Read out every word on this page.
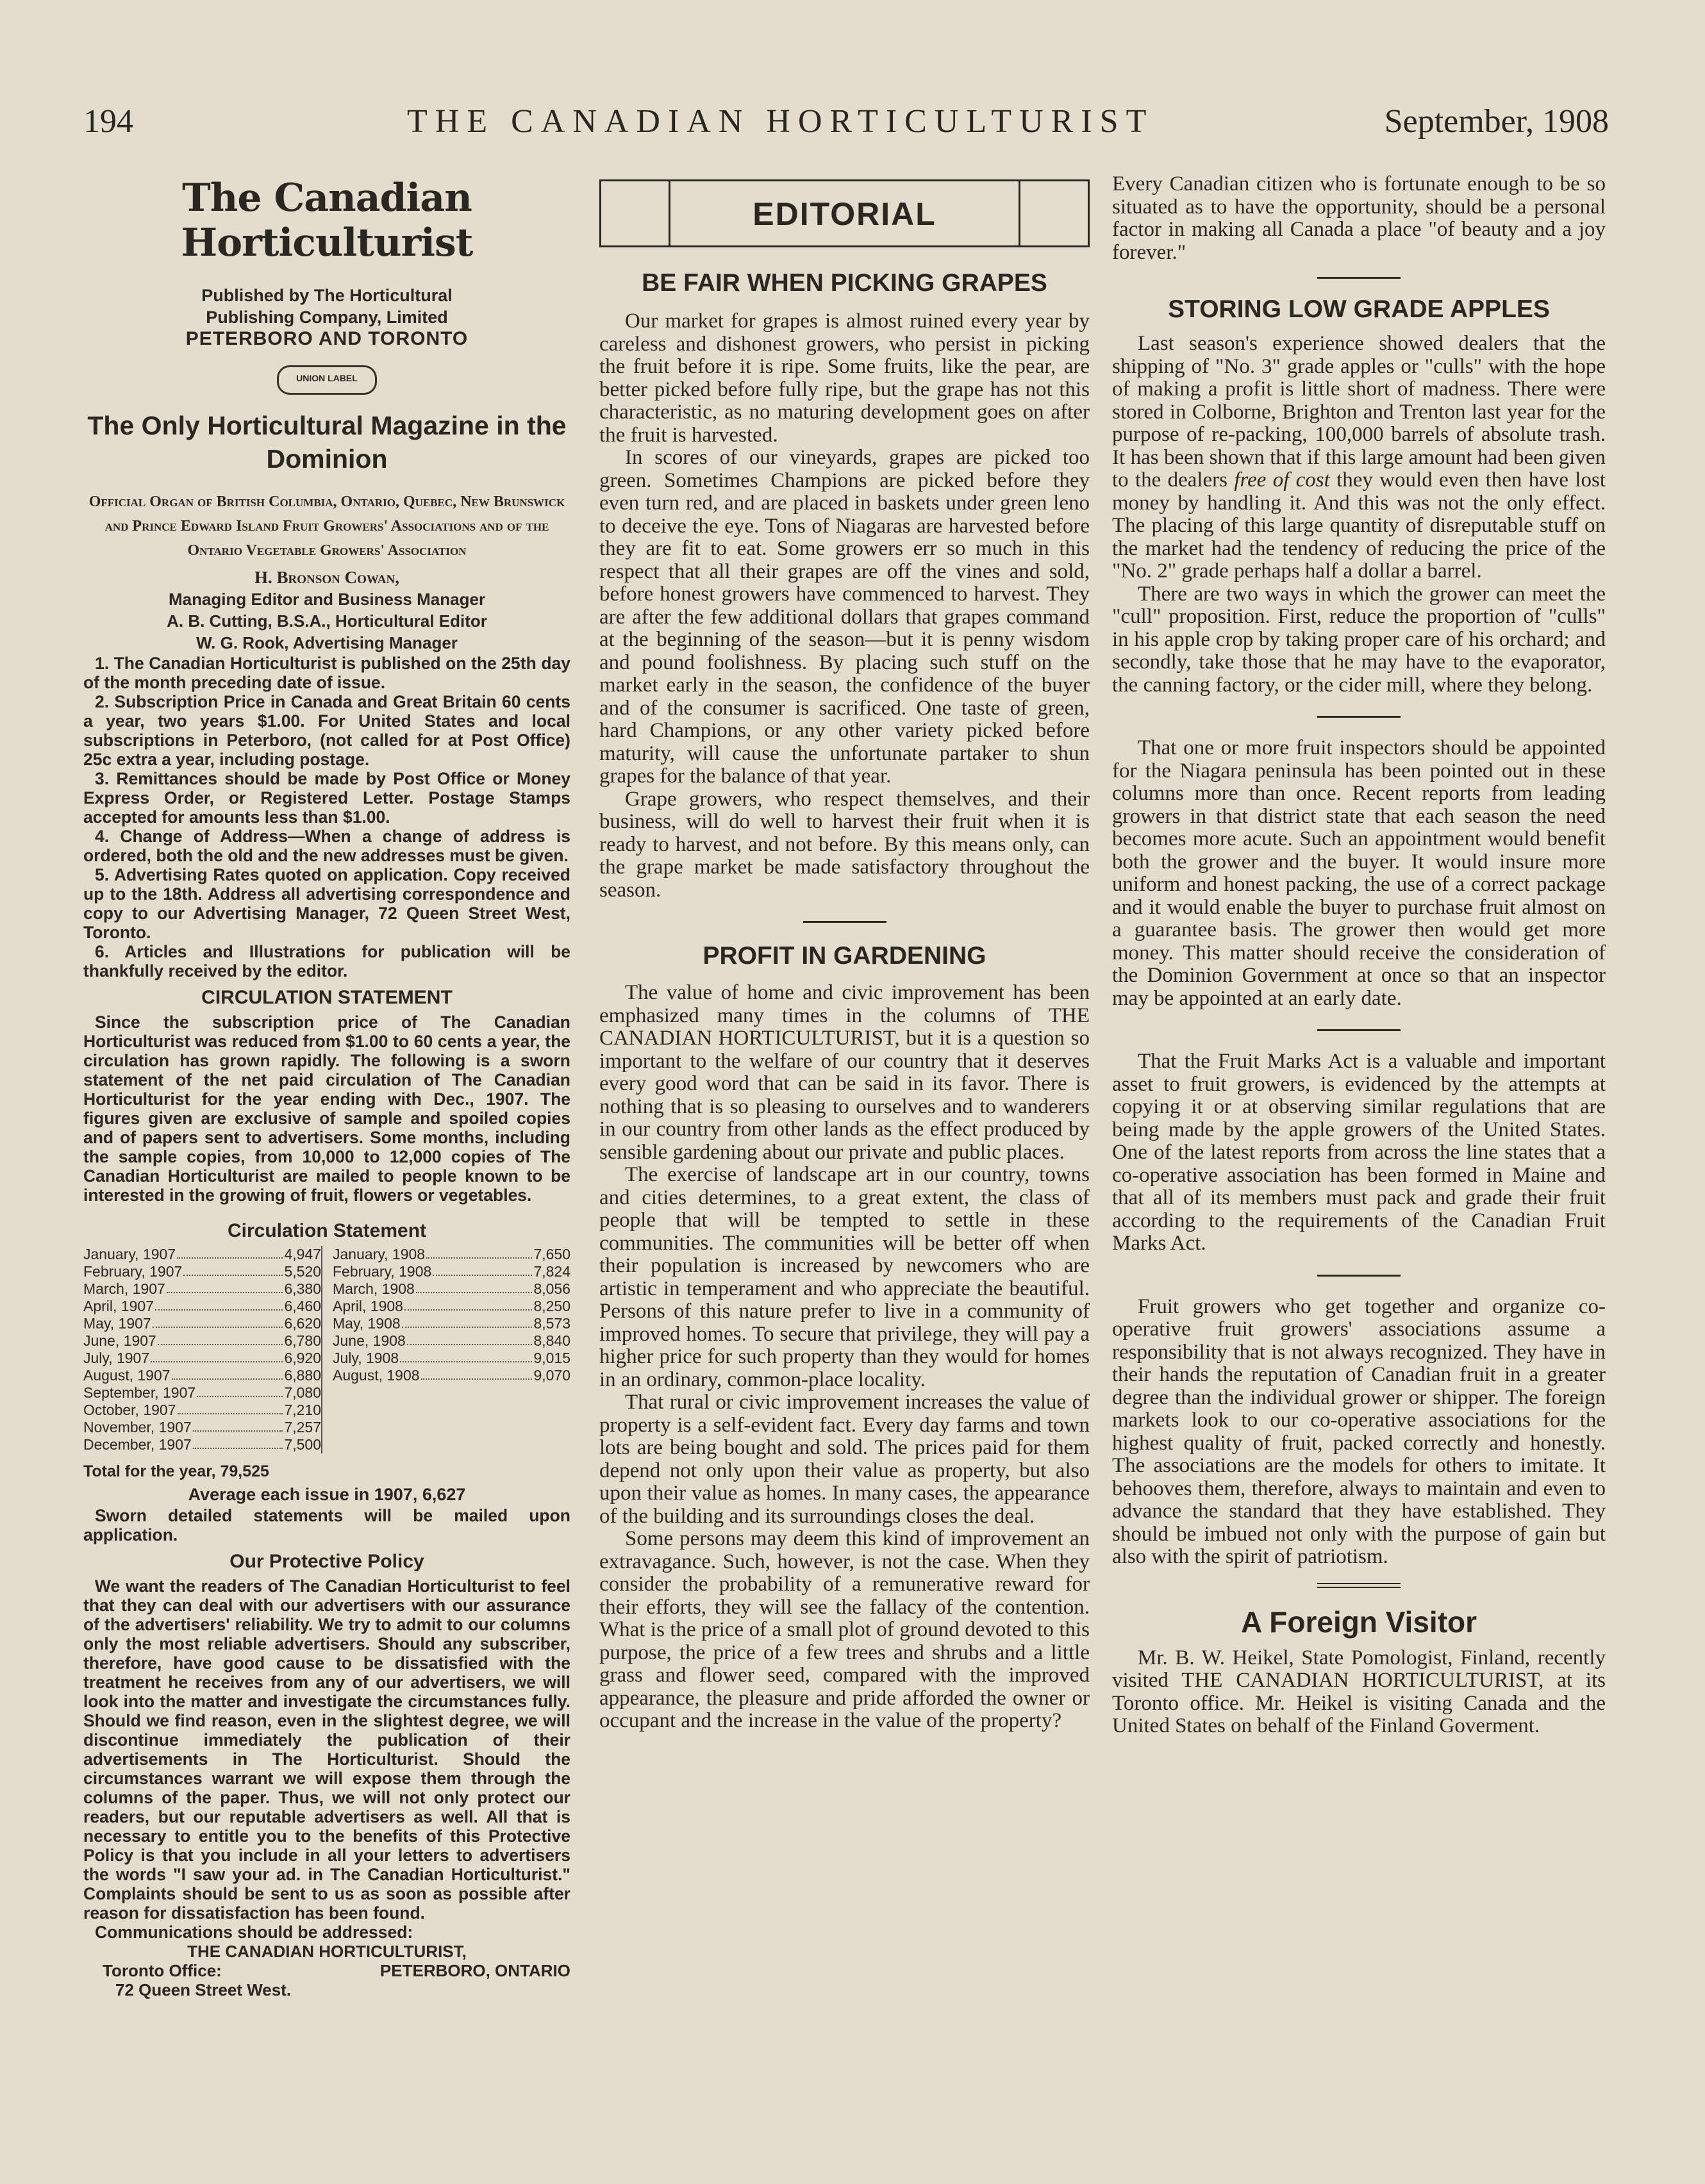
194	THE CANADIAN HORTICULTURIST	September, 1908
The Canadian Horticulturist
Published by The Horticultural
Publishing Company, Limited
PETERBORO AND TORONTO
UNION LABEL
The Only Horticultural Magazine in the Dominion
Official Organ of British Columbia, Ontario, Quebec, New Brunswick and Prince Edward Island Fruit Growers' Associations and of the Ontario Vegetable Growers' Association
H. Bronson Cowan,
Managing Editor and Business Manager
A. B. Cutting, B.S.A., Horticultural Editor
W. G. Rook, Advertising Manager

1. The Canadian Horticulturist is published on the 25th day of the month preceding date of issue.

2. Subscription Price in Canada and Great Britain 60 cents a year, two years $1.00. For United States and local subscriptions in Peterboro, (not called for at Post Office) 25c extra a year, including postage.

3. Remittances should be made by Post Office or Money Express Order, or Registered Letter. Postage Stamps accepted for amounts less than $1.00.

4. Change of Address—When a change of address is ordered, both the old and the new addresses must be given.

5. Advertising Rates quoted on application. Copy received up to the 18th. Address all advertising correspondence and copy to our Advertising Manager, 72 Queen Street West, Toronto.

6. Articles and Illustrations for publication will be thankfully received by the editor.

CIRCULATION STATEMENT

Since the subscription price of The Canadian Horticulturist was reduced from $1.00 to 60 cents a year, the circulation has grown rapidly. The following is a sworn statement of the net paid circulation of The Canadian Horticulturist for the year ending with Dec., 1907. The figures given are exclusive of sample and spoiled copies and of papers sent to advertisers. Some months, including the sample copies, from 10,000 to 12,000 copies of The Canadian Horticulturist are mailed to people known to be interested in the growing of fruit, flowers or vegetables.

Circulation Statement
January, 1907	4,947
February, 1907	5,520
March, 1907	6,380
April, 1907	6,460
May, 1907	6,620
June, 1907	6,780
July, 1907	6,920
August, 1907	6,880
September, 1907	7,080
October, 1907	7,210
November, 1907	7,257
December, 1907	7,500
January, 1908	7,650
February, 1908	7,824
March, 1908	8,056
April, 1908	8,250
May, 1908	8,573
June, 1908	8,840
July, 1908	9,015
August, 1908	9,070
Total for the year, 79,525
Average each issue in 1907, 6,627

Sworn detailed statements will be mailed upon application.

Our Protective Policy

We want the readers of The Canadian Horticulturist to feel that they can deal with our advertisers with our assurance of the advertisers' reliability. We try to admit to our columns only the most reliable advertisers. Should any subscriber, therefore, have good cause to be dissatisfied with the treatment he receives from any of our advertisers, we will look into the matter and investigate the circumstances fully. Should we find reason, even in the slightest degree, we will discontinue immediately the publication of their advertisements in The Horticulturist. Should the circumstances warrant we will expose them through the columns of the paper. Thus, we will not only protect our readers, but our reputable advertisers as well. All that is necessary to entitle you to the benefits of this Protective Policy is that you include in all your letters to advertisers the words "I saw your ad. in The Canadian Horticulturist." Complaints should be sent to us as soon as possible after reason for dissatisfaction has been found.

Communications should be addressed:

THE CANADIAN HORTICULTURIST,
Toronto Office:	PETERBORO, ONTARIO
72 Queen Street West.
EDITORIAL
BE FAIR WHEN PICKING GRAPES

Our market for grapes is almost ruined every year by careless and dishonest growers, who persist in picking the fruit before it is ripe. Some fruits, like the pear, are better picked before fully ripe, but the grape has not this characteristic, as no maturing development goes on after the fruit is harvested.

In scores of our vineyards, grapes are picked too green. Sometimes Champions are picked before they even turn red, and are placed in baskets under green leno to deceive the eye. Tons of Niagaras are harvested before they are fit to eat. Some growers err so much in this respect that all their grapes are off the vines and sold, before honest growers have commenced to harvest. They are after the few additional dollars that grapes command at the beginning of the season—but it is penny wisdom and pound foolishness. By placing such stuff on the market early in the season, the confidence of the buyer and of the consumer is sacrificed. One taste of green, hard Champions, or any other variety picked before maturity, will cause the unfortunate partaker to shun grapes for the balance of that year.

Grape growers, who respect themselves, and their business, will do well to harvest their fruit when it is ready to harvest, and not before. By this means only, can the grape market be made satisfactory throughout the season.

PROFIT IN GARDENING

The value of home and civic improvement has been emphasized many times in the columns of THE CANADIAN HORTICULTURIST, but it is a question so important to the welfare of our country that it deserves every good word that can be said in its favor. There is nothing that is so pleasing to ourselves and to wanderers in our country from other lands as the effect produced by sensible gardening about our private and public places.

The exercise of landscape art in our country, towns and cities determines, to a great extent, the class of people that will be tempted to settle in these communities. The communities will be better off when their population is increased by newcomers who are artistic in temperament and who appreciate the beautiful. Persons of this nature prefer to live in a community of improved homes. To secure that privilege, they will pay a higher price for such property than they would for homes in an ordinary, common-place locality.

That rural or civic improvement increases the value of property is a self-evident fact. Every day farms and town lots are being bought and sold. The prices paid for them depend not only upon their value as property, but also upon their value as homes. In many cases, the appearance of the building and its surroundings closes the deal.

Some persons may deem this kind of improvement an extravagance. Such, however, is not the case. When they consider the probability of a remunerative reward for their efforts, they will see the fallacy of the contention. What is the price of a small plot of ground devoted to this purpose, the price of a few trees and shrubs and a little grass and flower seed, compared with the improved appearance, the pleasure and pride afforded the owner or occupant and the increase in the value of the property?

Every Canadian citizen who is fortunate enough to be so situated as to have the opportunity, should be a personal factor in making all Canada a place "of beauty and a joy forever."

STORING LOW GRADE APPLES

Last season's experience showed dealers that the shipping of "No. 3" grade apples or "culls" with the hope of making a profit is little short of madness. There were stored in Colborne, Brighton and Trenton last year for the purpose of re-packing, 100,000 barrels of absolute trash. It has been shown that if this large amount had been given to the dealers free of cost they would even then have lost money by handling it. And this was not the only effect. The placing of this large quantity of disreputable stuff on the market had the tendency of reducing the price of the "No. 2" grade perhaps half a dollar a barrel.

There are two ways in which the grower can meet the "cull" proposition. First, reduce the proportion of "culls" in his apple crop by taking proper care of his orchard; and secondly, take those that he may have to the evaporator, the canning factory, or the cider mill, where they belong.

That one or more fruit inspectors should be appointed for the Niagara peninsula has been pointed out in these columns more than once. Recent reports from leading growers in that district state that each season the need becomes more acute. Such an appointment would benefit both the grower and the buyer. It would insure more uniform and honest packing, the use of a correct package and it would enable the buyer to purchase fruit almost on a guarantee basis. The grower then would get more money. This matter should receive the consideration of the Dominion Government at once so that an inspector may be appointed at an early date.

That the Fruit Marks Act is a valuable and important asset to fruit growers, is evidenced by the attempts at copying it or at observing similar regulations that are being made by the apple growers of the United States. One of the latest reports from across the line states that a co-operative association has been formed in Maine and that all of its members must pack and grade their fruit according to the requirements of the Canadian Fruit Marks Act.

Fruit growers who get together and organize co-operative fruit growers' associations assume a responsibility that is not always recognized. They have in their hands the reputation of Canadian fruit in a greater degree than the individual grower or shipper. The foreign markets look to our co-operative associations for the highest quality of fruit, packed correctly and honestly. The associations are the models for others to imitate. It behooves them, therefore, always to maintain and even to advance the standard that they have established. They should be imbued not only with the purpose of gain but also with the spirit of patriotism.

A Foreign Visitor

Mr. B. W. Heikel, State Pomologist, Finland, recently visited THE CANADIAN HORTICULTURIST, at its Toronto office. Mr. Heikel is visiting Canada and the United States on behalf of the Finland Goverment.
